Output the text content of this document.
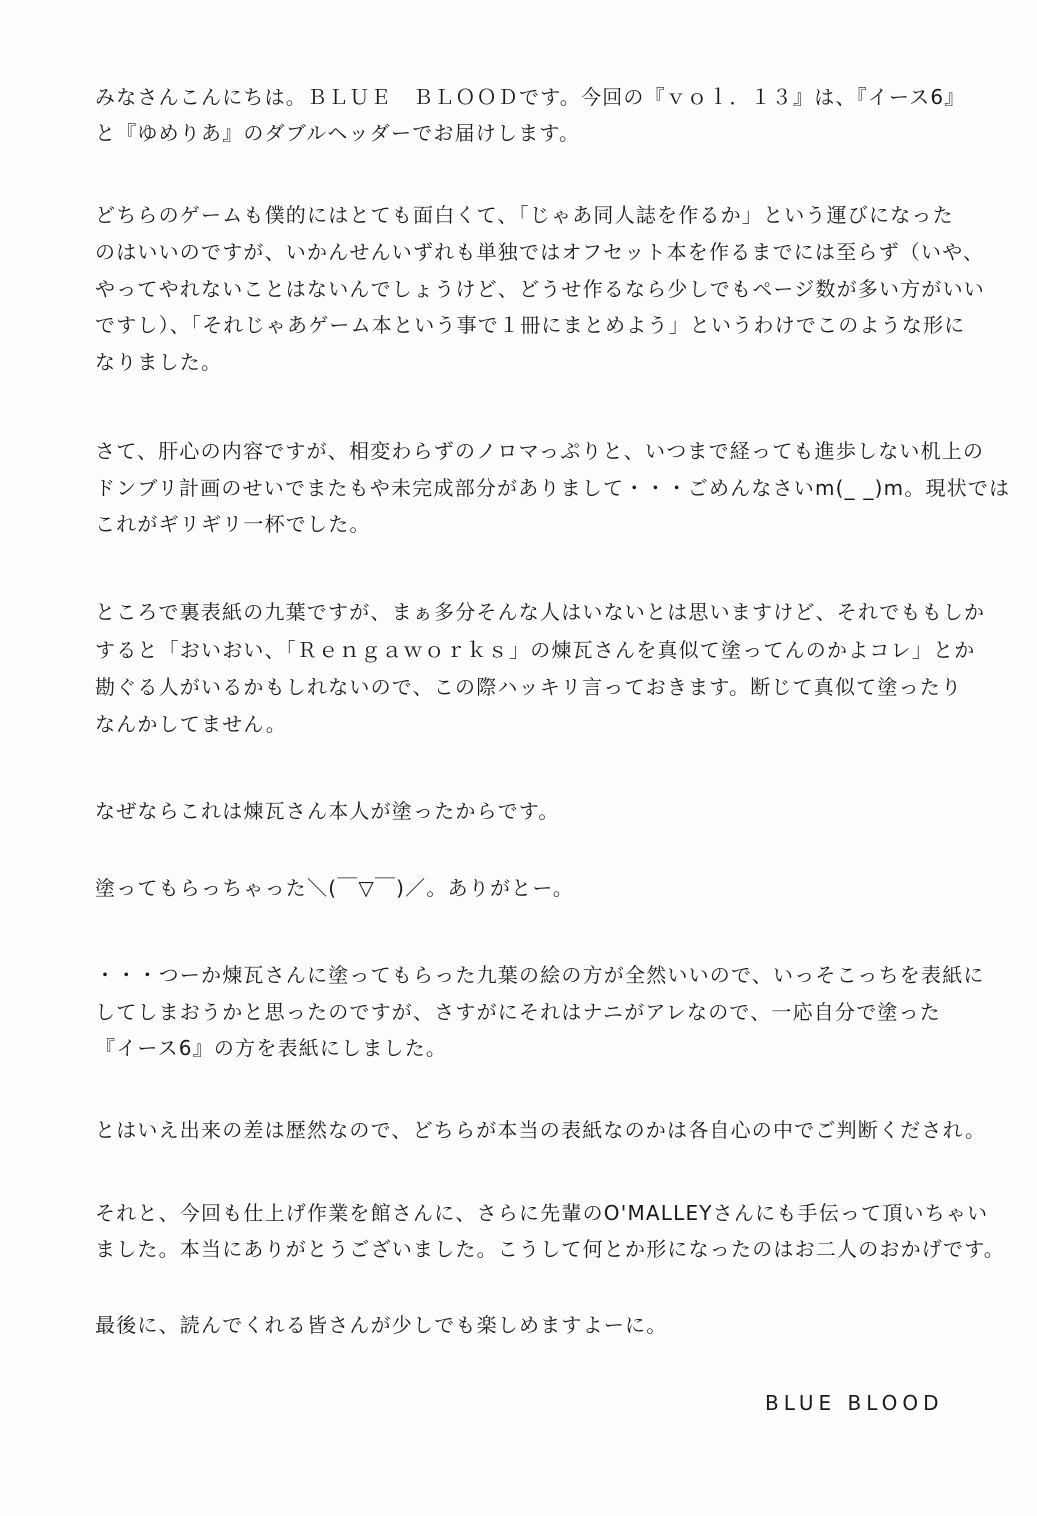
みなさんこんにちは。ＢＬＵＥ　ＢＬＯＯＤです。今回の『ｖｏｌ．１３』は、『イース6』
と『ゆめりあ』のダブルヘッダーでお届けします。
どちらのゲームも僕的にはとても面白くて、「じゃあ同人誌を作るか」という運びになった
のはいいのですが、いかんせんいずれも単独ではオフセット本を作るまでには至らず（いや、
やってやれないことはないんでしょうけど、どうせ作るなら少しでもページ数が多い方がいい
ですし）、「それじゃあゲーム本という事で１冊にまとめよう」というわけでこのような形に
なりました。
さて、肝心の内容ですが、相変わらずのノロマっぷりと、いつまで経っても進歩しない机上の
ドンブリ計画のせいでまたもや未完成部分がありまして・・・ごめんなさいm(_ _)m。現状では
これがギリギリ一杯でした。
ところで裏表紙の九葉ですが、まぁ多分そんな人はいないとは思いますけど、それでももしか
すると「おいおい、「Ｒｅｎｇａｗｏｒｋｓ」の煉瓦さんを真似て塗ってんのかよコレ」とか
勘ぐる人がいるかもしれないので、この際ハッキリ言っておきます。断じて真似て塗ったり
なんかしてません。
なぜならこれは煉瓦さん本人が塗ったからです。
塗ってもらっちゃった＼(￣▽￣)／。ありがとー。
・・・つーか煉瓦さんに塗ってもらった九葉の絵の方が全然いいので、いっそこっちを表紙に
してしまおうかと思ったのですが、さすがにそれはナニがアレなので、一応自分で塗った
『イース6』の方を表紙にしました。
とはいえ出来の差は歴然なので、どちらが本当の表紙なのかは各自心の中でご判断くだされ。
それと、今回も仕上げ作業を館さんに、さらに先輩のO'MALLEYさんにも手伝って頂いちゃい
ました。本当にありがとうございました。こうして何とか形になったのはお二人のおかげです。
最後に、読んでくれる皆さんが少しでも楽しめますよーに。
BLUE BLOOD
